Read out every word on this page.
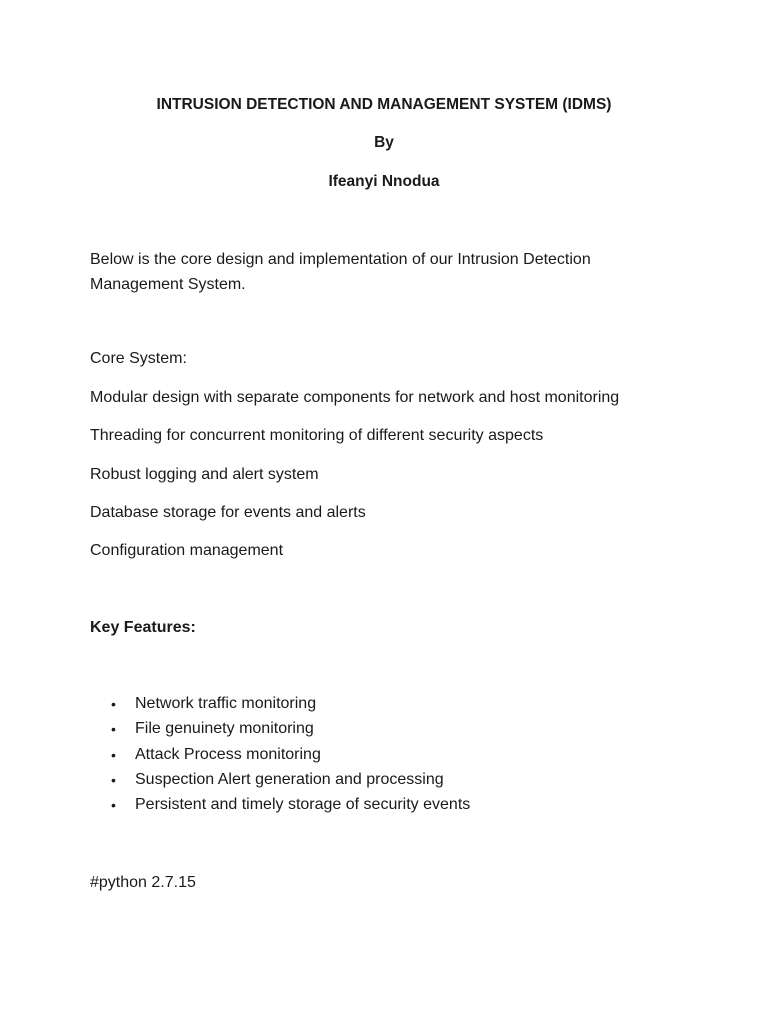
INTRUSION DETECTION AND MANAGEMENT SYSTEM (IDMS)
By
Ifeanyi Nnodua

Below is the core design and implementation of our Intrusion Detection Management System.

Core System:

Modular design with separate components for network and host monitoring
Threading for concurrent monitoring of different security aspects
Robust logging and alert system
Database storage for events and alerts
Configuration management

Key Features:

• Network traffic monitoring
• File genuinety monitoring
• Attack Process monitoring
• Suspection Alert generation and processing
• Persistent and timely storage of security events

#python 2.7.15
